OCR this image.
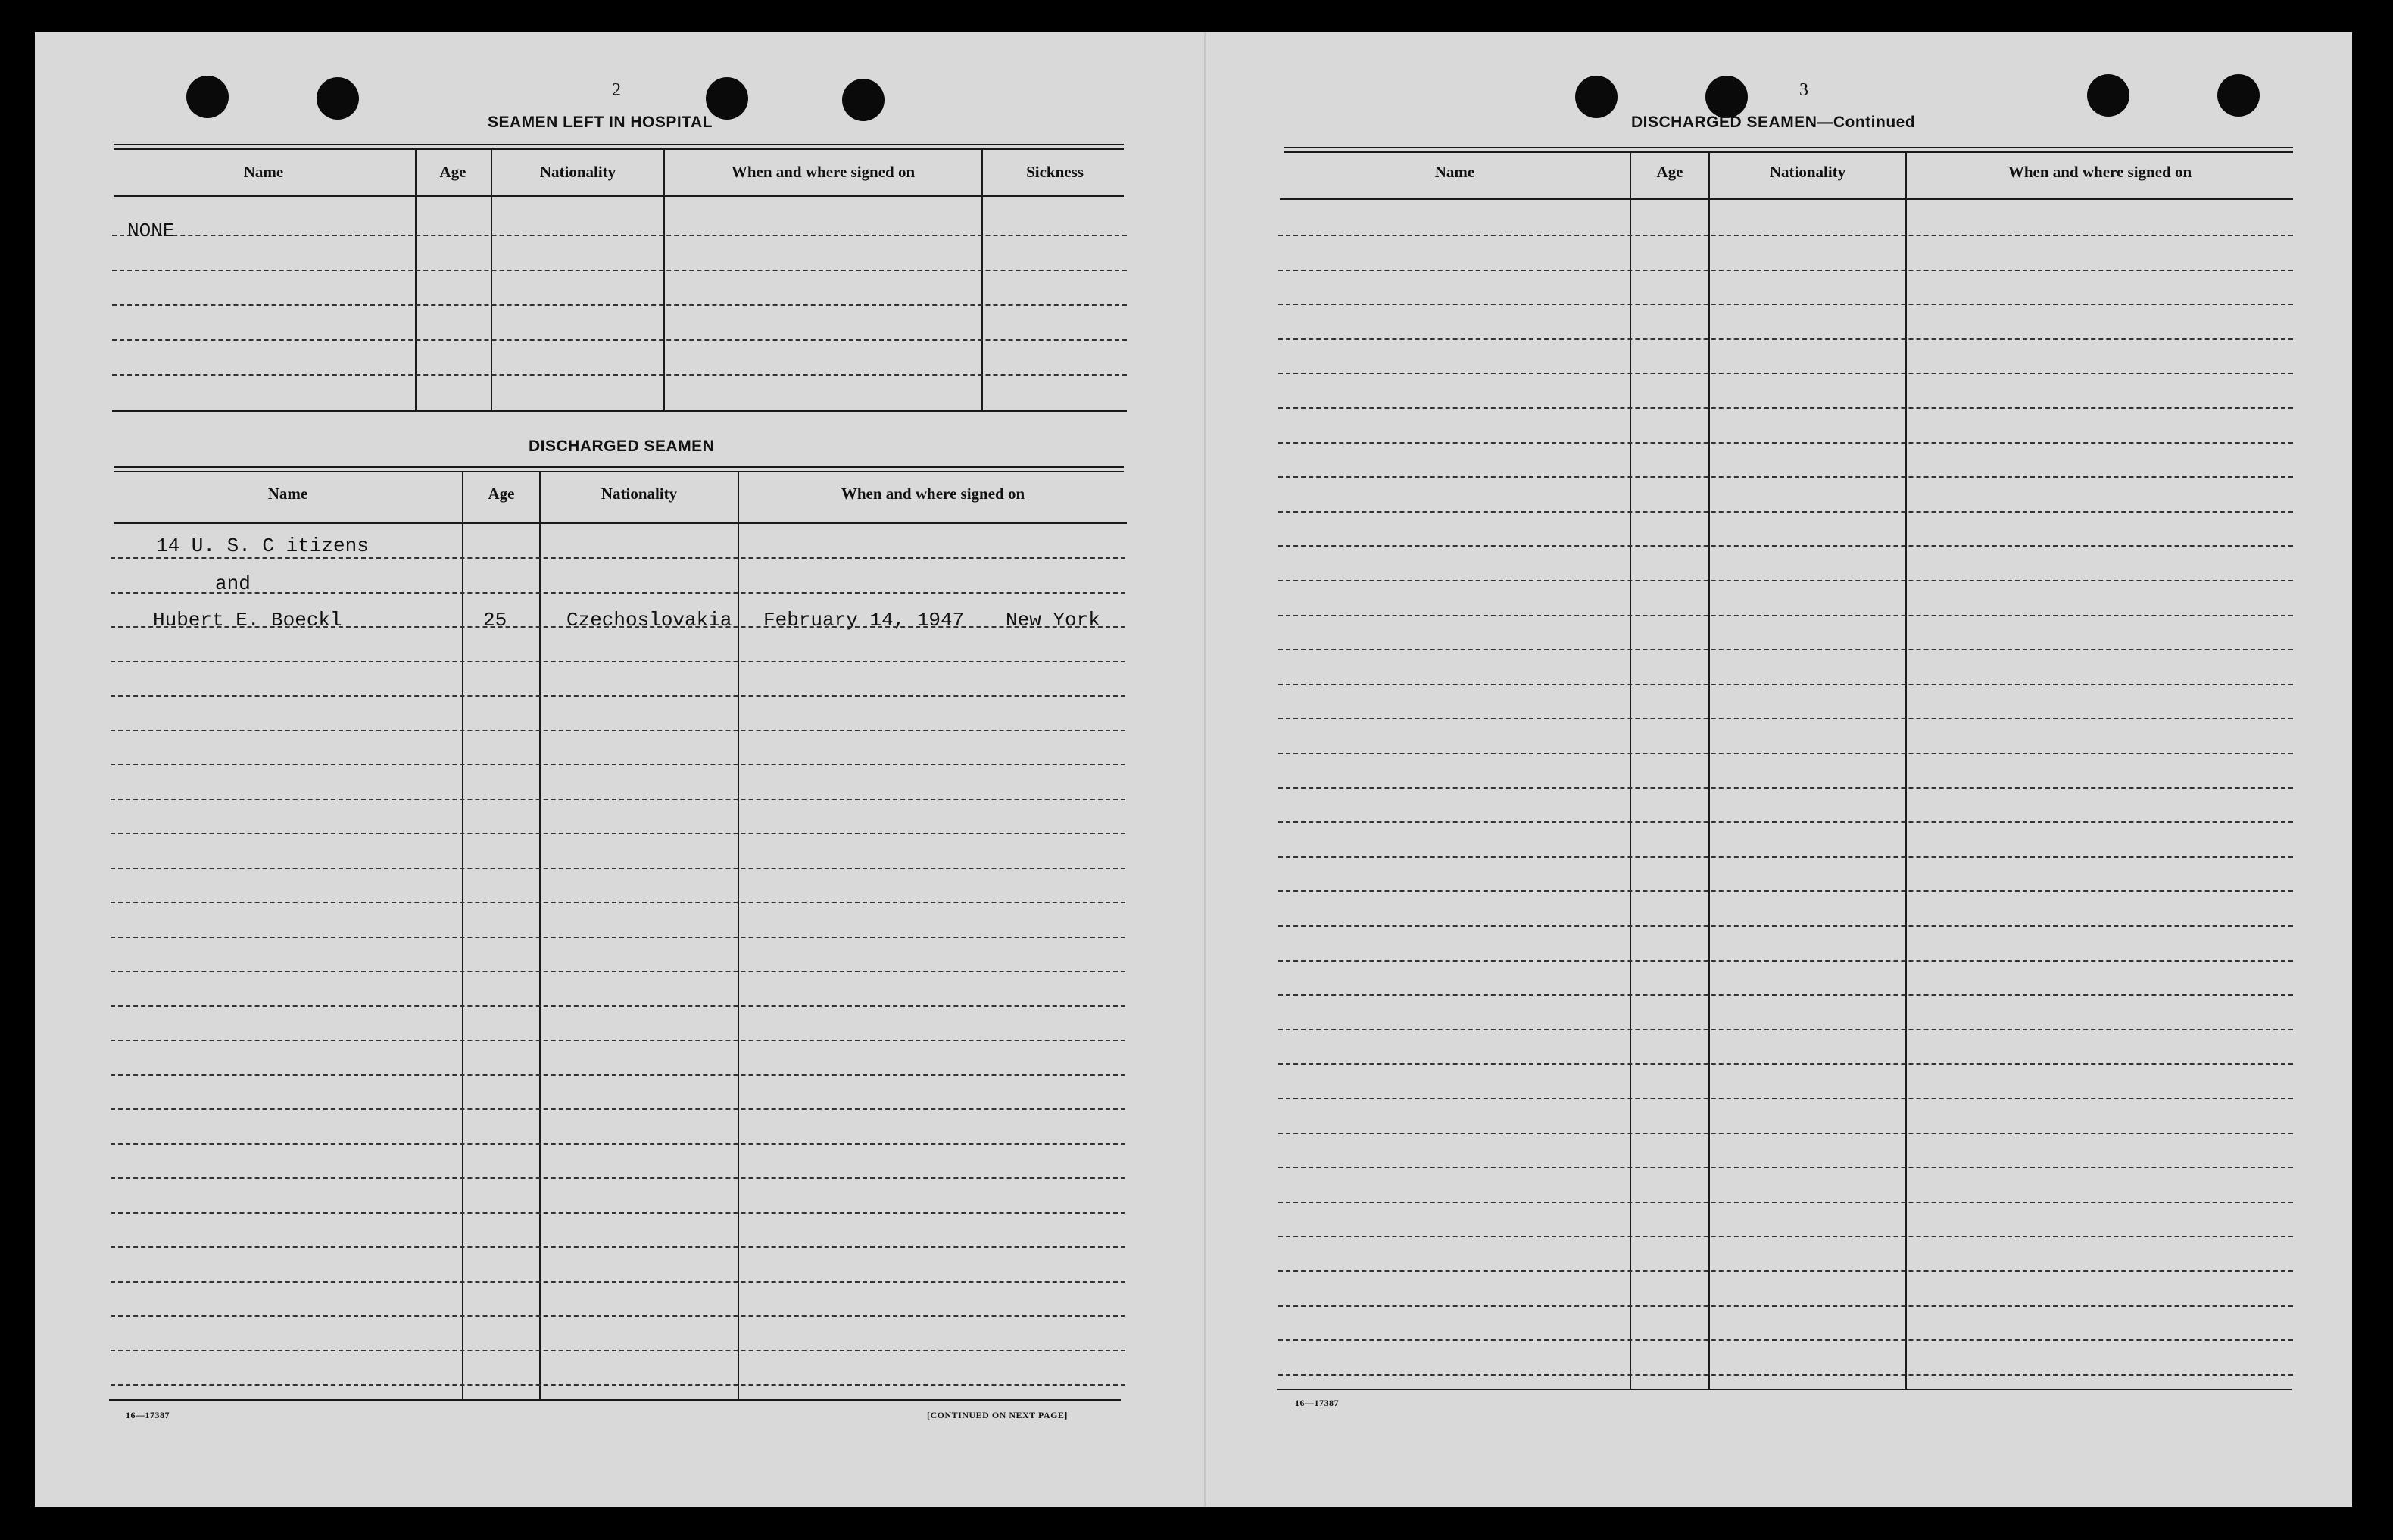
2
SEAMEN LEFT IN HOSPITAL
Name	Age	Nationality	When and where signed on	Sickness
NONE
DISCHARGED SEAMEN
Name	Age	Nationality	When and where signed on
14 U. S. C itizens
and
Hubert E. Boeckl	25	Czechoslovakia February 14, 1947 New York
16—17387	[CONTINUED ON NEXT PAGE]
3
DISCHARGED SEAMEN—Continued
Name	Age	Nationality	When and where signed on
16—17387
